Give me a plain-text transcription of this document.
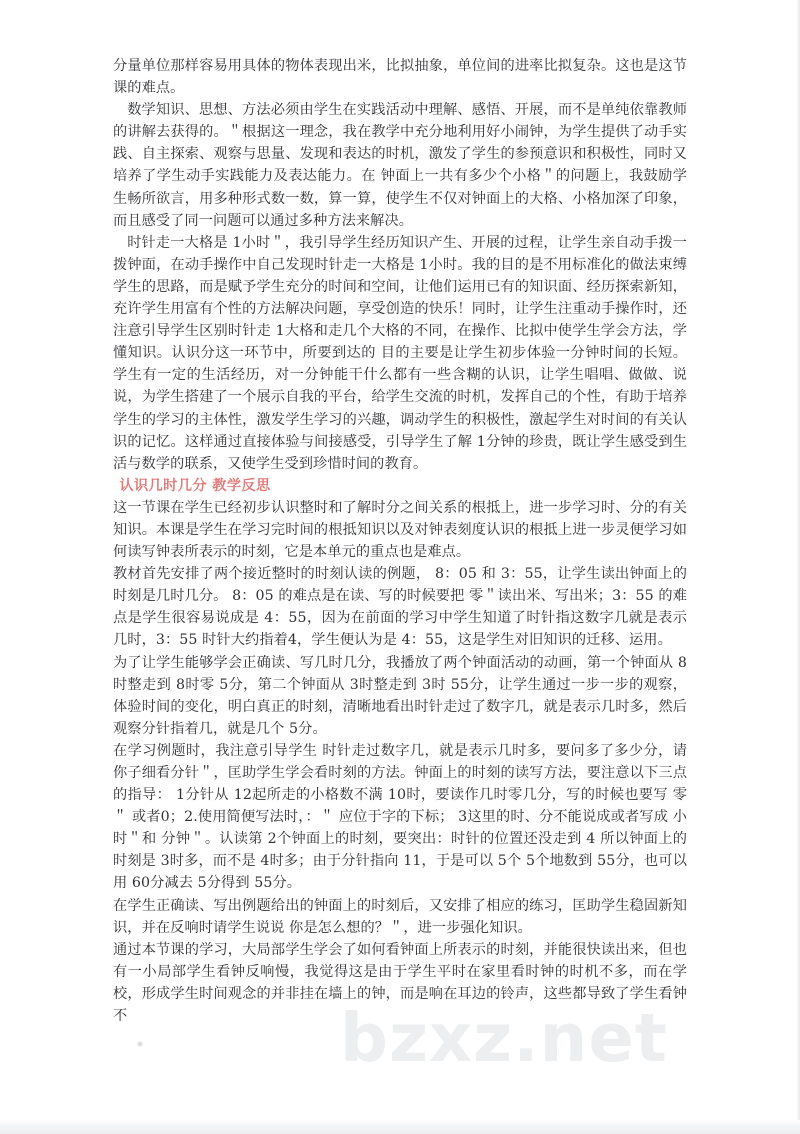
bzxz.net

分量单位那样容易用具体的物体表现出米，比拟抽象，单位间的进率比拟复杂。这也是这节课的难点。

数学知识、思想、方法必须由学生在实践活动中理解、感悟、开展，而不是单纯依靠教师的讲解去获得的。＂根据这一理念，我在教学中充分地利用好小闹钟，为学生提供了动手实践、自主探索、观察与思量、发现和表达的时机，激发了学生的参预意识和积极性，同时又培养了学生动手实践能力及表达能力。在 钟面上一共有多少个小格＂的问题上，我鼓励学生畅所欲言，用多种形式数一数，算一算，使学生不仅对钟面上的大格、小格加深了印象，而且感受了同一问题可以通过多种方法来解决。

时针走一大格是 1小时＂，我引导学生经历知识产生、开展的过程，让学生亲自动手拨一拨钟面，在动手操作中自己发现时针走一大格是 1小时。我的目的是不用标准化的做法束缚 学生的思路，而是赋予学生充分的时间和空间，让他们运用已有的知识面、经历探索新知，充许学生用富有个性的方法解决问题，享受创造的快乐！同时，让学生注重动手操作时，还 注意引导学生区别时针走 1大格和走几个大格的不同，在操作、比拟中使学生学会方法，学 懂知识。认识分这一环节中，所要到达的 目的主要是让学生初步体验一分钟时间的长短。学生有一定的生活经历，对一分钟能干什么都有一些含糊的认识，让学生唱唱、做做、说说，为学生搭建了一个展示自我的平台，给学生交流的时机，发挥自己的个性，有助于培养学生的学习的主体性，激发学生学习的兴趣，调动学生的积极性，激起学生对时间的有关认识的记忆。这样通过直接体验与间接感受，引导学生了解 1分钟的珍贵，既让学生感受到生活与数学的联系，又使学生受到珍惜时间的教育。

认识几时几分 教学反思

这一节课在学生已经初步认识整时和了解时分之间关系的根抵上，进一步学习时、分的有关知识。本课是学生在学习完时间的根抵知识以及对钟表刻度认识的根抵上进一步灵便学习如何读写钟表所表示的时刻，它是本单元的重点也是难点。

教材首先安排了两个接近整时的时刻认读的例题， 8：05 和 3：55，让学生读出钟面上的时刻是几时几分。 8：05 的难点是在读、写的时候要把 零＂读出米、写出米；3：55 的难点是学生很容易说成是 4：55，因为在前面的学习中学生知道了时针指这数字几就是表示几时，3：55 时针大约指着4，学生便认为是 4：55，这是学生对旧知识的迁移、运用。

为了让学生能够学会正确读、写几时几分，我播放了两个钟面活动的动画，第一个钟面从 8时整走到 8时零 5分，第二个钟面从 3时整走到 3时 55分，让学生通过一步一步的观察，体验时间的变化，明白真正的时刻，清晰地看出时针走过了数字几，就是表示几时多，然后 观察分针指着几，就是几个 5分。

在学习例题时，我注意引导学生 时针走过数字几，就是表示几时多，要问多了多少分，请你子细看分针＂，匡助学生学会看时刻的方法。钟面上的时刻的读写方法，要注意以下三点的指导： 1分针从 12起所走的小格数不满 10时，要读作几时零几分，写的时候也要写 零＂ 或者0；2.使用简便写法时，：＂ 应位于字的下标； 3这里的时、分不能说成或者写成 小时＂和 分钟＂。认读第 2个钟面上的时刻，要突出：时针的位置还没走到 4 所以钟面上的时刻是 3时多，而不是 4时多；由于分针指向 11，于是可以 5个 5个地数到 55分，也可以用 60分减去 5分得到 55分。

在学生正确读、写出例题给出的钟面上的时刻后，又安排了相应的练习，匡助学生稳固新知识，并在反响时请学生说说 你是怎么想的？＂，进一步强化知识。

通过本节课的学习，大局部学生学会了如何看钟面上所表示的时刻，并能很快读出来，但也有一小局部学生看钟反响慢，我觉得这是由于学生平时在家里看时钟的时机不多，而在学校，形成学生时间观念的并非挂在墙上的钟，而是响在耳边的铃声，这些都导致了学生看钟不
